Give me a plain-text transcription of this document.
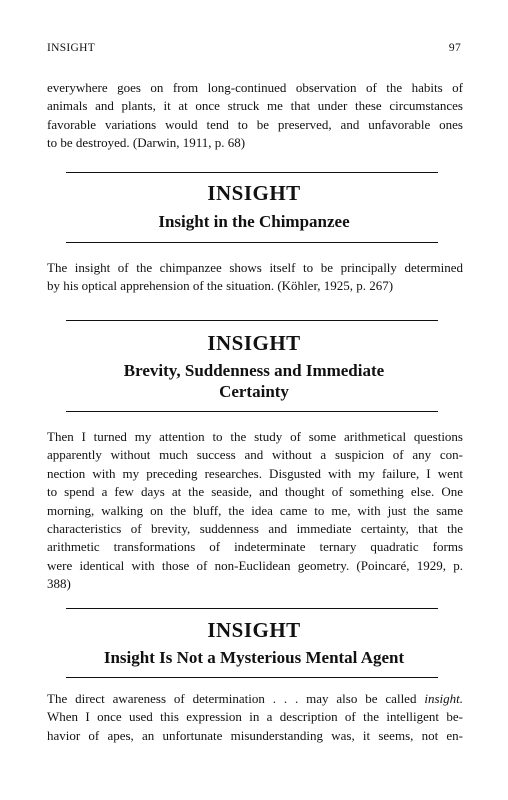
INSIGHT	97

everywhere goes on from long-continued observation of the habits of
animals and plants, it at once struck me that under these circumstances
favorable variations would tend to be preserved, and unfavorable ones
to be destroyed. (Darwin, 1911, p. 68)

INSIGHT
Insight in the Chimpanzee

The insight of the chimpanzee shows itself to be principally determined
by his optical apprehension of the situation. (Köhler, 1925, p. 267)

INSIGHT
Brevity, Suddenness and Immediate
Certainty

Then I turned my attention to the study of some arithmetical questions
apparently without much success and without a suspicion of any con-
nection with my preceding researches. Disgusted with my failure, I went
to spend a few days at the seaside, and thought of something else. One
morning, walking on the bluff, the idea came to me, with just the same
characteristics of brevity, suddenness and immediate certainty, that the
arithmetic transformations of indeterminate ternary quadratic forms
were identical with those of non-Euclidean geometry. (Poincaré, 1929, p.
388)

INSIGHT
Insight Is Not a Mysterious Mental Agent

The direct awareness of determination . . . may also be called insight.
When I once used this expression in a description of the intelligent be-
havior of apes, an unfortunate misunderstanding was, it seems, not en-
